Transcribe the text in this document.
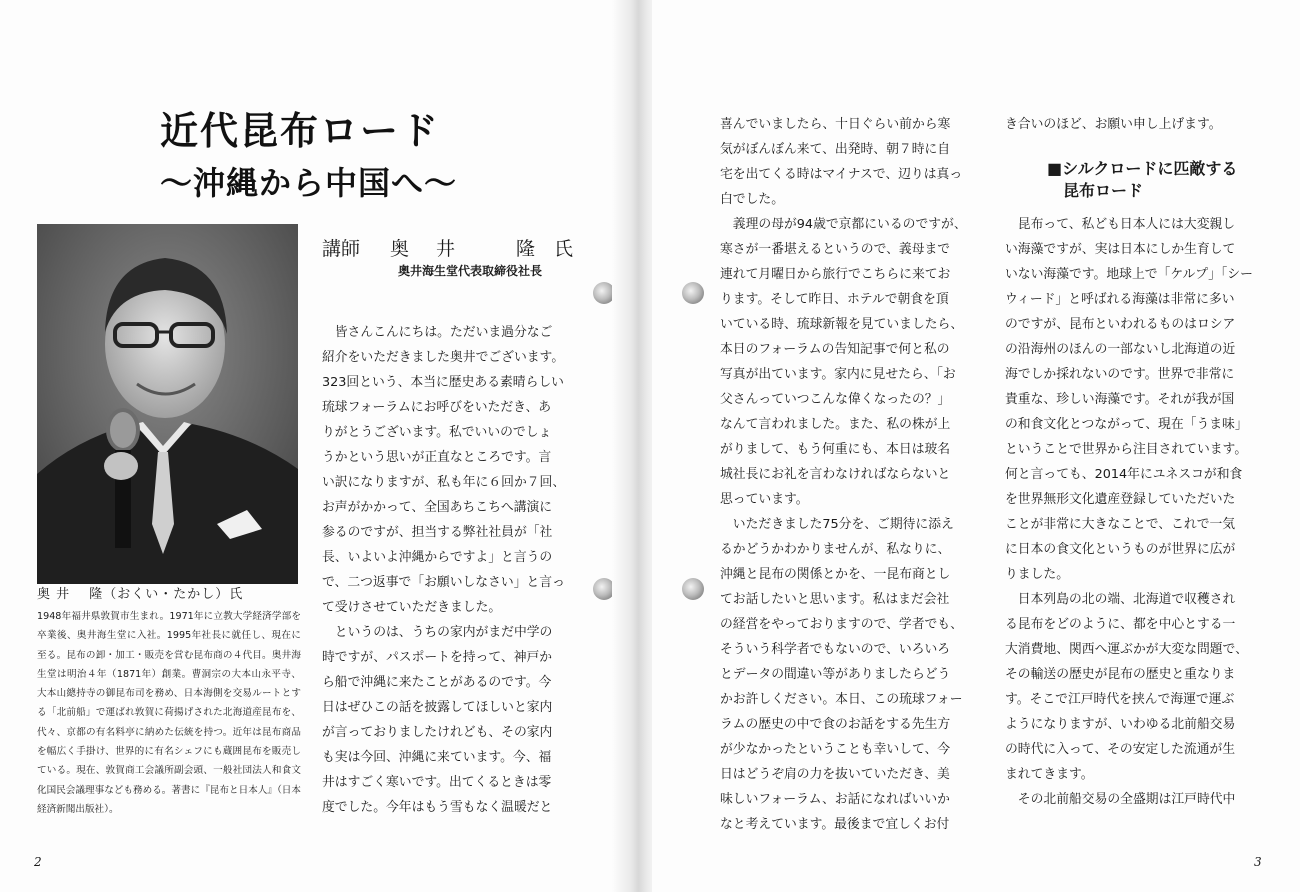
近代昆布ロード
～沖縄から中国へ～
奥 井　 隆（おくい・たかし）氏
1948年福井県敦賀市生まれ。1971年に立教大学経済学部を卒業後、奥井海生堂に入社。1995年社長に就任し、現在に至る。昆布の卸・加工・販売を営む昆布商の４代目。奥井海生堂は明治４年（1871年）創業。曹洞宗の大本山永平寺、大本山總持寺の御昆布司を務め、日本海側を交易ルートとする「北前船」で運ばれ敦賀に荷揚げされた北海道産昆布を、代々、京都の有名料亭に納めた伝統を持つ。近年は昆布商品を幅広く手掛け、世界的に有名シェフにも蔵囲昆布を販売している。現在、敦賀商工会議所副会頭、一般社団法人和食文化国民会議理事なども務める。著書に『昆布と日本人』（日本経済新聞出版社）。
講師 奥 井	隆 氏
奥井海生堂代表取締役社長

　皆さんこんにちは。ただいま過分なご

紹介をいただきました奥井でございます。

323回という、本当に歴史ある素晴らしい

琉球フォーラムにお呼びをいただき、あ

りがとうございます。私でいいのでしょ

うかという思いが正直なところです。言

い訳になりますが、私も年に６回か７回、

お声がかかって、全国あちこちへ講演に

参るのですが、担当する弊社社員が「社

長、いよいよ沖縄からですよ」と言うの

で、二つ返事で「お願いしなさい」と言っ

て受けさせていただきました。

　というのは、うちの家内がまだ中学の

時ですが、パスポートを持って、神戸か

ら船で沖縄に来たことがあるのです。今

日はぜひこの話を披露してほしいと家内

が言っておりましたけれども、その家内

も実は今回、沖縄に来ています。今、福

井はすごく寒いです。出てくるときは零

度でした。今年はもう雪もなく温暖だと

2

喜んでいましたら、十日ぐらい前から寒

気がぼんぼん来て、出発時、朝７時に自

宅を出てくる時はマイナスで、辺りは真っ

白でした。

　義理の母が94歳で京都にいるのですが、

寒さが一番堪えるというので、義母まで

連れて月曜日から旅行でこちらに来てお

ります。そして昨日、ホテルで朝食を頂

いている時、琉球新報を見ていましたら、

本日のフォーラムの告知記事で何と私の

写真が出ています。家内に見せたら、「お

父さんっていつこんな偉くなったの？」

なんて言われました。また、私の株が上

がりまして、もう何重にも、本日は玻名

城社長にお礼を言わなければならないと

思っています。

　いただきました75分を、ご期待に添え

るかどうかわかりませんが、私なりに、

沖縄と昆布の関係とかを、一昆布商とし

てお話したいと思います。私はまだ会社

の経営をやっておりますので、学者でも、

そういう科学者でもないので、いろいろ

とデータの間違い等がありましたらどう

かお許しください。本日、この琉球フォー

ラムの歴史の中で食のお話をする先生方

が少なかったということも幸いして、今

日はどうぞ肩の力を抜いていただき、美

味しいフォーラム、お話になればいいか

なと考えています。最後まで宜しくお付

き合いのほど、お願い申し上げます。

　昆布って、私ども日本人には大変親し

い海藻ですが、実は日本にしか生育して

いない海藻です。地球上で「ケルプ」「シー

ウィード」と呼ばれる海藻は非常に多い

のですが、昆布といわれるものはロシア

の沿海州のほんの一部ないし北海道の近

海でしか採れないのです。世界で非常に

貴重な、珍しい海藻です。それが我が国

の和食文化とつながって、現在「うま味」

ということで世界から注目されています。

何と言っても、2014年にユネスコが和食

を世界無形文化遺産登録していただいた

ことが非常に大きなことで、これで一気

に日本の食文化というものが世界に広が

りました。

　日本列島の北の端、北海道で収穫され

る昆布をどのように、都を中心とする一

大消費地、関西へ運ぶかが大変な問題で、

その輸送の歴史が昆布の歴史と重なりま

す。そこで江戸時代を挟んで海運で運ぶ

ようになりますが、いわゆる北前船交易

の時代に入って、その安定した流通が生

まれてきます。

　その北前船交易の全盛期は江戸時代中

■シルクロードに匹敵する
　昆布ロード
3
